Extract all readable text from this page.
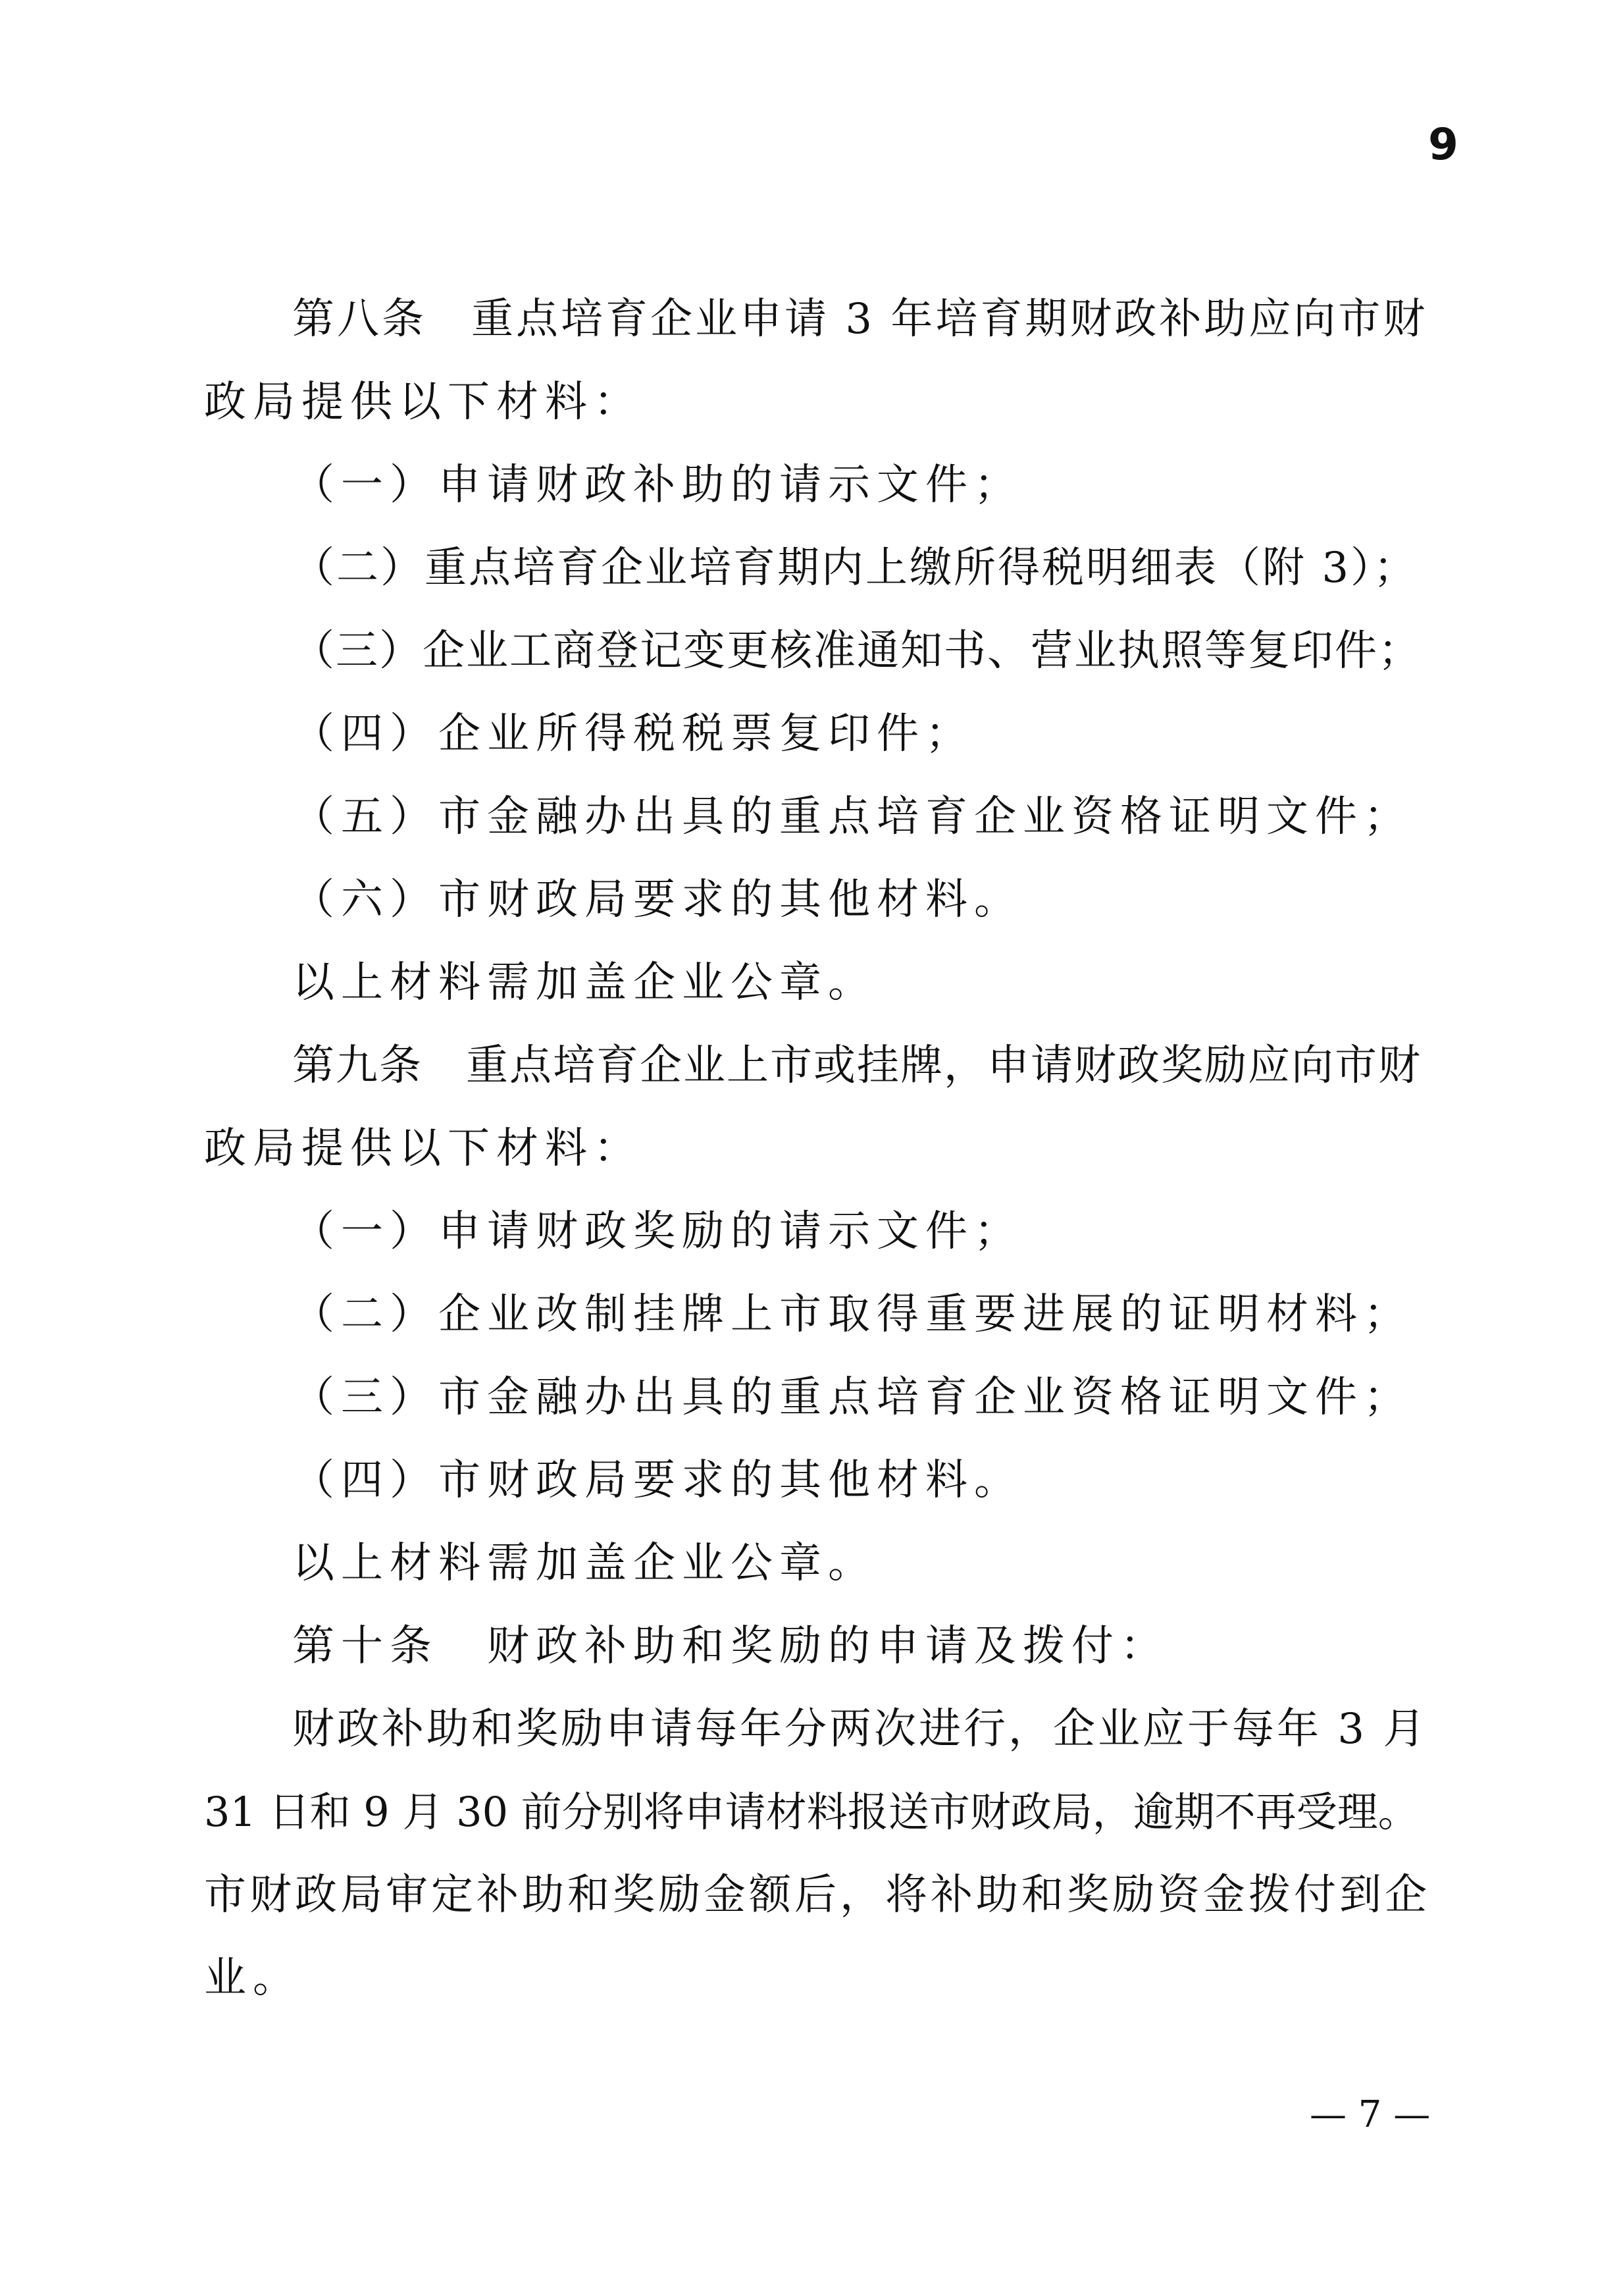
9
第八条　重点培育企业申请 3 年培育期财政补助应向市财
政局提供以下材料：
（一）申请财政补助的请示文件；
（二）重点培育企业培育期内上缴所得税明细表（附 3）；
（三）企业工商登记变更核准通知书、营业执照等复印件；
（四）企业所得税税票复印件；
（五）市金融办出具的重点培育企业资格证明文件；
（六）市财政局要求的其他材料。
以上材料需加盖企业公章。
第九条　重点培育企业上市或挂牌，申请财政奖励应向市财
政局提供以下材料：
（一）申请财政奖励的请示文件；
（二）企业改制挂牌上市取得重要进展的证明材料；
（三）市金融办出具的重点培育企业资格证明文件；
（四）市财政局要求的其他材料。
以上材料需加盖企业公章。
第十条　财政补助和奖励的申请及拨付：
财政补助和奖励申请每年分两次进行，企业应于每年 3 月
31 日和 9 月 30 前分别将申请材料报送市财政局，逾期不再受理。
市财政局审定补助和奖励金额后，将补助和奖励资金拨付到企
业。
— 7 —
